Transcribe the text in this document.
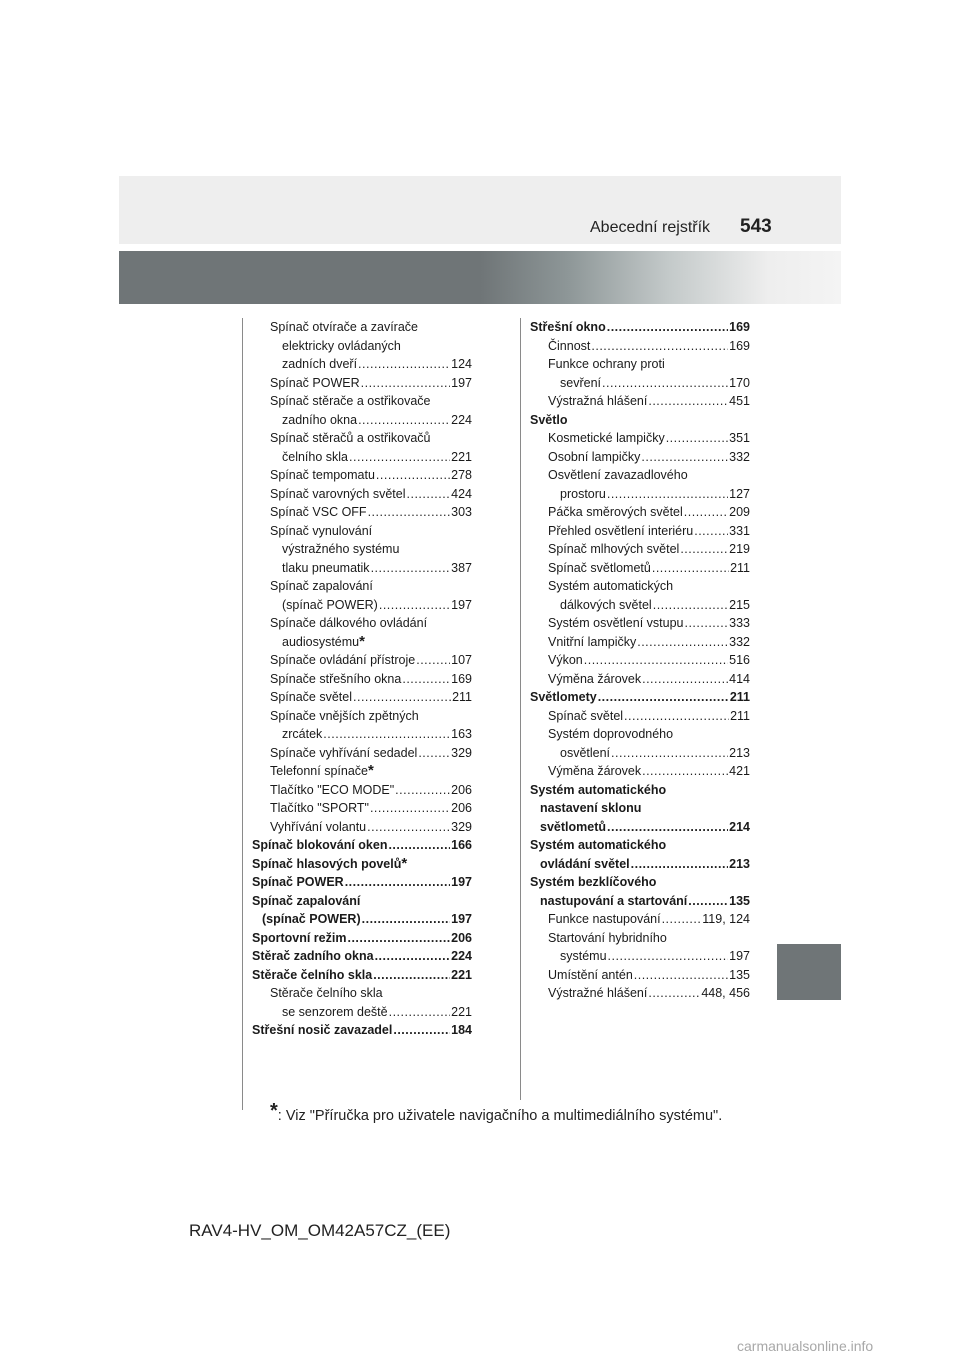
Abecední rejstřík 543
Spínač otvírače a zavírače
elektricky ovládaných
zadních dveří .....	124
Spínač POWER .....	197
Spínač stěrače a ostřikovače
zadního okna .....	224
Spínač stěračů a ostřikovačů
čelního skla .....	221
Spínač tempomatu .....	278
Spínač varovných světel .....	424
Spínač VSC OFF .....	303
Spínač vynulování
výstražného systému
tlaku pneumatik .....	387
Spínač zapalování
(spínač POWER) .....	197
Spínače dálkového ovládání
audiosystému *
Spínače ovládání přístroje .....	107
Spínače střešního okna .....	169
Spínače světel .....	211
Spínače vnějších zpětných
zrcátek .....	163
Spínače vyhřívání sedadel .....	329
Telefonní spínače *
Tlačítko "ECO MODE" .....	206
Tlačítko "SPORT" .....	206
Vyhřívání volantu .....	329
Spínač blokování oken .....	166
Spínač hlasových povelů *
Spínač POWER .....	197
Spínač zapalování
(spínač POWER) .....	197
Sportovní režim .....	206
Stěrač zadního okna .....	224
Stěrače čelního skla .....	221
Stěrače čelního skla
se senzorem deště .....	221
Střešní nosič zavazadel .....	184
Střešní okno .....	169
Činnost .....	169
Funkce ochrany proti
sevření .....	170
Výstražná hlášení .....	451
Světlo
Kosmetické lampičky .....	351
Osobní lampičky .....	332
Osvětlení zavazadlového
prostoru .....	127
Páčka směrových světel .....	209
Přehled osvětlení interiéru .....	331
Spínač mlhových světel .....	219
Spínač světlometů .....	211
Systém automatických
dálkových světel .....	215
Systém osvětlení vstupu .....	333
Vnitřní lampičky .....	332
Výkon .....	516
Výměna žárovek .....	414
Světlomety .....	211
Spínač světel .....	211
Systém doprovodného
osvětlení .....	213
Výměna žárovek .....	421
Systém automatického
nastavení sklonu
světlometů .....	214
Systém automatického
ovládání světel .....	213
Systém bezklíčového
nastupování a startování .....	135
Funkce nastupování .....	119, 124
Startování hybridního
systému .....	197
Umístění antén .....	135
Výstražné hlášení .....	448, 456
*: Viz "Příručka pro uživatele navigačního a multimediálního systému".
RAV4-HV_OM_OM42A57CZ_(EE)
carmanualsonline.info
